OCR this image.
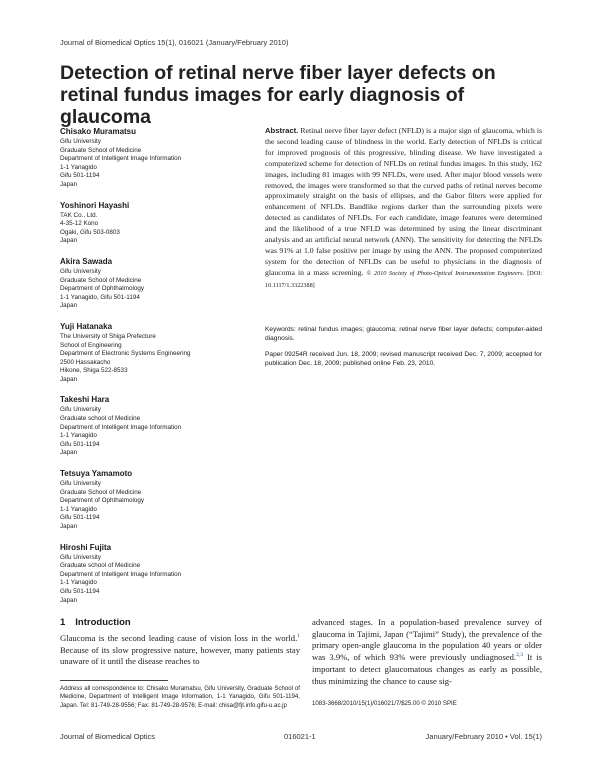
Journal of Biomedical Optics 15(1), 016021 (January/February 2010)
Detection of retinal nerve fiber layer defects on retinal fundus images for early diagnosis of glaucoma
Chisako Muramatsu
Gifu University
Graduate School of Medicine
Department of Intelligent Image Information
1-1 Yanagido
Gifu 501-1194
Japan
Yoshinori Hayashi
TAK Co., Ltd.
4-35-12 Kono
Ogaki, Gifu 503-0803
Japan
Akira Sawada
Gifu University
Graduate School of Medicine
Department of Ophthalmology
1-1 Yanagido, Gifu 501-1194
Japan
Yuji Hatanaka
The University of Shiga Prefecture
School of Engineering
Department of Electronic Systems Engineering
2500 Hassakacho
Hikone, Shiga 522-8533
Japan
Takeshi Hara
Gifu University
Graduate school of Medicine
Department of Intelligent Image Information
1-1 Yanagido
Gifu 501-1194
Japan
Tetsuya Yamamoto
Gifu University
Graduate School of Medicine
Department of Ophthalmology
1-1 Yanagido
Gifu 501-1194
Japan
Hiroshi Fujita
Gifu University
Graduate school of Medicine
Department of Intelligent Image Information
1-1 Yanagido
Gifu 501-1194
Japan
Abstract. Retinal nerve fiber layer defect (NFLD) is a major sign of glaucoma, which is the second leading cause of blindness in the world. Early detection of NFLDs is critical for improved prognosis of this progressive, blinding disease. We have investigated a computerized scheme for detection of NFLDs on retinal fundus images. In this study, 162 images, including 81 images with 99 NFLDs, were used. After major blood vessels were removed, the images were transformed so that the curved paths of retinal nerves become approximately straight on the basis of ellipses, and the Gabor filters were applied for enhancement of NFLDs. Bandlike regions darker than the surrounding pixels were detected as candidates of NFLDs. For each candidate, image features were determined and the likelihood of a true NFLD was determined by using the linear discriminant analysis and an artificial neural network (ANN). The sensitivity for detecting the NFLDs was 91% at 1.0 false positive per image by using the ANN. The proposed computerized system for the detection of NFLDs can be useful to physicians in the diagnosis of glaucoma in a mass screening. © 2010 Society of Photo-Optical Instrumentation Engineers. [DOI: 10.1117/1.3322388]
Keywords: retinal fundus images; glaucoma; retinal nerve fiber layer defects; computer-aided diagnosis.
Paper 09254R received Jun. 18, 2009; revised manuscript received Dec. 7, 2009; accepted for publication Dec. 18, 2009; published online Feb. 23, 2010.
1 Introduction

Glaucoma is the second leading cause of vision loss in the world.$^1$ Because of its slow progressive nature, however, many patients stay unaware of it until the disease reaches to

advanced stages. In a population-based prevalence survey of glaucoma in Tajimi, Japan (“Tajimi” Study), the prevalence of the primary open-angle glaucoma in the population 40 years or older was 3.9%, of which 93% were previously undiagnosed.$^{2,3}$ It is important to detect glaucomatous changes as early as possible, thus minimizing the chance to cause sig-

Address all correspondence to: Chisako Muramatsu, Gifu University, Graduate School of Medicine, Department of Intelligent Image Information, 1-1 Yanagido, Gifu 501-1194, Japan. Tel: 81-749-28-9556; Fax: 81-749-28-9576; E-mail: chisa@fjt.info.gifu-u.ac.jp	1083-3668/2010/15(1)/016021/7/$25.00 © 2010 SPIE
Journal of Biomedical Optics	016021-1	January/February 2010 • Vol. 15(1)
